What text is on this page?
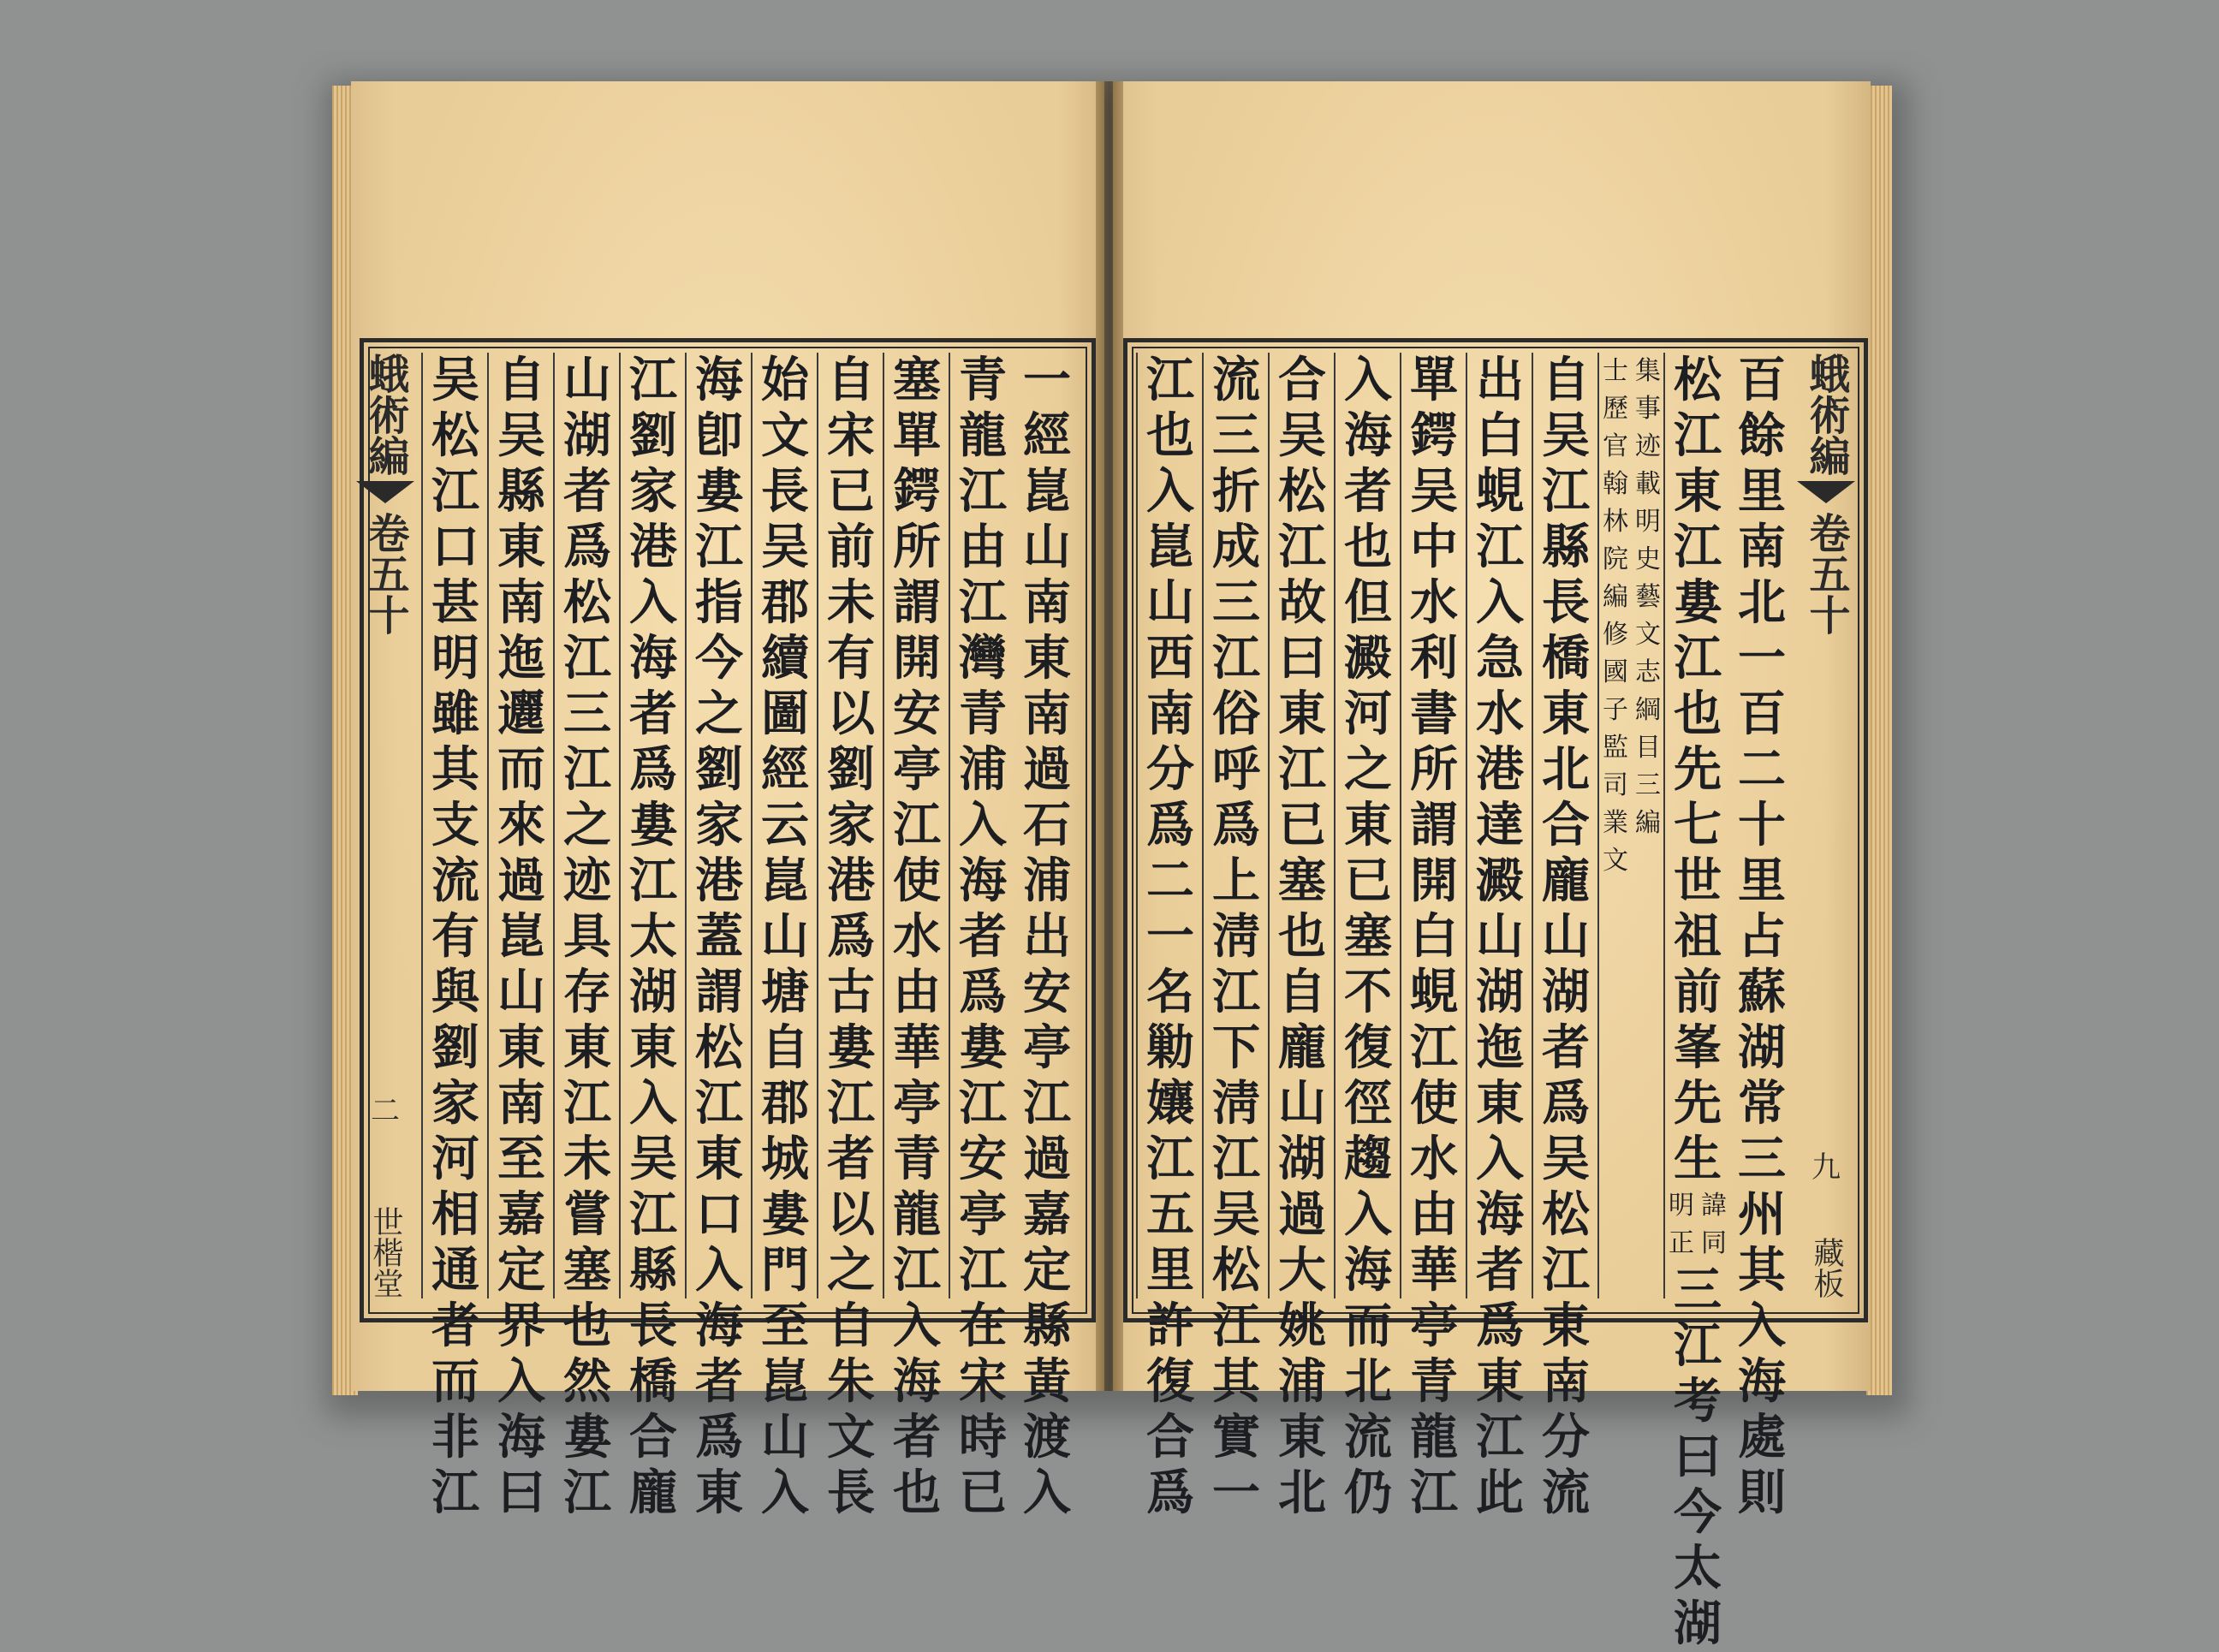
蛾術編
卷五十
二
世楷堂
蛾術編
卷五十
九
藏板
一
經
崑
山
南
東
南
過
石
浦
出
安
亭
江
過
嘉
定
縣
黃
渡
入
青
龍
江
由
江
灣
青
浦
入
海
者
爲
婁
江
安
亭
江
在
宋
時
已
塞
單
鍔
所
謂
開
安
亭
江
使
水
由
華
亭
青
龍
江
入
海
者
也
自
宋
已
前
未
有
以
劉
家
港
爲
古
婁
江
者
以
之
自
朱
文
長
始
文
長
吴
郡
續
圖
經
云
崑
山
塘
自
郡
城
婁
門
至
崑
山
入
海
卽
婁
江
指
今
之
劉
家
港
蓋
謂
松
江
東
口
入
海
者
爲
東
江
劉
家
港
入
海
者
爲
婁
江
太
湖
東
入
吴
江
縣
長
橋
合
龐
山
湖
者
爲
松
江
三
江
之
迹
具
存
東
江
未
嘗
塞
也
然
婁
江
自
吴
縣
東
南
迤
邐
而
來
過
崑
山
東
南
至
嘉
定
界
入
海
曰
吴
松
江
口
甚
明
雖
其
支
流
有
與
劉
家
河
相
通
者
而
非
江
百
餘
里
南
北
一
百
二
十
里
占
蘇
湖
常
三
州
其
入
海
處
則
松
江
東
江
婁
江
也
先
七
世
祖
前
峯
先
生
明
正
諱
同
三
江
考
曰
今
太
湖
士
歷
官
翰
林
院
編
修
國
子
監
司
業
文
集
事
迹
載
明
史
藝
文
志
綱
目
三
編
自
吴
江
縣
長
橋
東
北
合
龐
山
湖
者
爲
吴
松
江
東
南
分
流
出
白
蜆
江
入
急
水
港
達
澱
山
湖
迤
東
入
海
者
爲
東
江
此
單
鍔
吴
中
水
利
書
所
謂
開
白
蜆
江
使
水
由
華
亭
青
龍
江
入
海
者
也
但
澱
河
之
東
已
塞
不
復
徑
趨
入
海
而
北
流
仍
合
吴
松
江
故
曰
東
江
已
塞
也
自
龐
山
湖
過
大
姚
浦
東
北
流
三
折
成
三
江
俗
呼
爲
上
淸
江
下
淸
江
吴
松
江
其
實
一
江
也
入
崑
山
西
南
分
爲
二
一
名
勦
孃
江
五
里
許
復
合
爲
